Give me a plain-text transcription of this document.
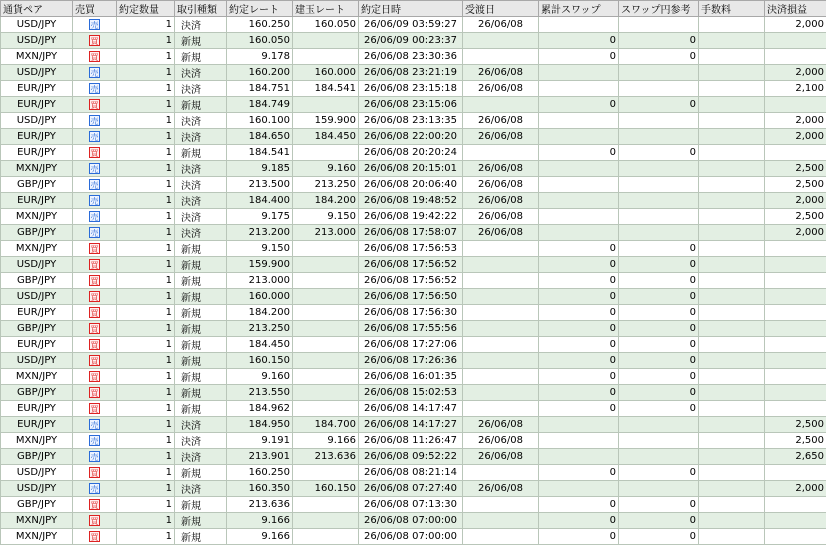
通貨ペア	売買	約定数量	取引種類	約定レート	建玉レート	約定日時	受渡日	累計スワップ	スワップ円参考	手数料	決済損益
USD/JPY	売	1	決済	160.250	160.050	26/06/09 03:59:27	26/06/08				2,000
USD/JPY	買	1	新規	160.050		26/06/09 00:23:37		0	0		
MXN/JPY	買	1	新規	9.178		26/06/08 23:30:36		0	0		
USD/JPY	売	1	決済	160.200	160.000	26/06/08 23:21:19	26/06/08				2,000
EUR/JPY	売	1	決済	184.751	184.541	26/06/08 23:15:18	26/06/08				2,100
EUR/JPY	買	1	新規	184.749		26/06/08 23:15:06		0	0		
USD/JPY	売	1	決済	160.100	159.900	26/06/08 23:13:35	26/06/08				2,000
EUR/JPY	売	1	決済	184.650	184.450	26/06/08 22:00:20	26/06/08				2,000
EUR/JPY	買	1	新規	184.541		26/06/08 20:20:24		0	0		
MXN/JPY	売	1	決済	9.185	9.160	26/06/08 20:15:01	26/06/08				2,500
GBP/JPY	売	1	決済	213.500	213.250	26/06/08 20:06:40	26/06/08				2,500
EUR/JPY	売	1	決済	184.400	184.200	26/06/08 19:48:52	26/06/08				2,000
MXN/JPY	売	1	決済	9.175	9.150	26/06/08 19:42:22	26/06/08				2,500
GBP/JPY	売	1	決済	213.200	213.000	26/06/08 17:58:07	26/06/08				2,000
MXN/JPY	買	1	新規	9.150		26/06/08 17:56:53		0	0		
USD/JPY	買	1	新規	159.900		26/06/08 17:56:52		0	0		
GBP/JPY	買	1	新規	213.000		26/06/08 17:56:52		0	0		
USD/JPY	買	1	新規	160.000		26/06/08 17:56:50		0	0		
EUR/JPY	買	1	新規	184.200		26/06/08 17:56:30		0	0		
GBP/JPY	買	1	新規	213.250		26/06/08 17:55:56		0	0		
EUR/JPY	買	1	新規	184.450		26/06/08 17:27:06		0	0		
USD/JPY	買	1	新規	160.150		26/06/08 17:26:36		0	0		
MXN/JPY	買	1	新規	9.160		26/06/08 16:01:35		0	0		
GBP/JPY	買	1	新規	213.550		26/06/08 15:02:53		0	0		
EUR/JPY	買	1	新規	184.962		26/06/08 14:17:47		0	0		
EUR/JPY	売	1	決済	184.950	184.700	26/06/08 14:17:27	26/06/08				2,500
MXN/JPY	売	1	決済	9.191	9.166	26/06/08 11:26:47	26/06/08				2,500
GBP/JPY	売	1	決済	213.901	213.636	26/06/08 09:52:22	26/06/08				2,650
USD/JPY	買	1	新規	160.250		26/06/08 08:21:14		0	0		
USD/JPY	売	1	決済	160.350	160.150	26/06/08 07:27:40	26/06/08				2,000
GBP/JPY	買	1	新規	213.636		26/06/08 07:13:30		0	0		
MXN/JPY	買	1	新規	9.166		26/06/08 07:00:00		0	0		
MXN/JPY	買	1	新規	9.166		26/06/08 07:00:00		0	0		
